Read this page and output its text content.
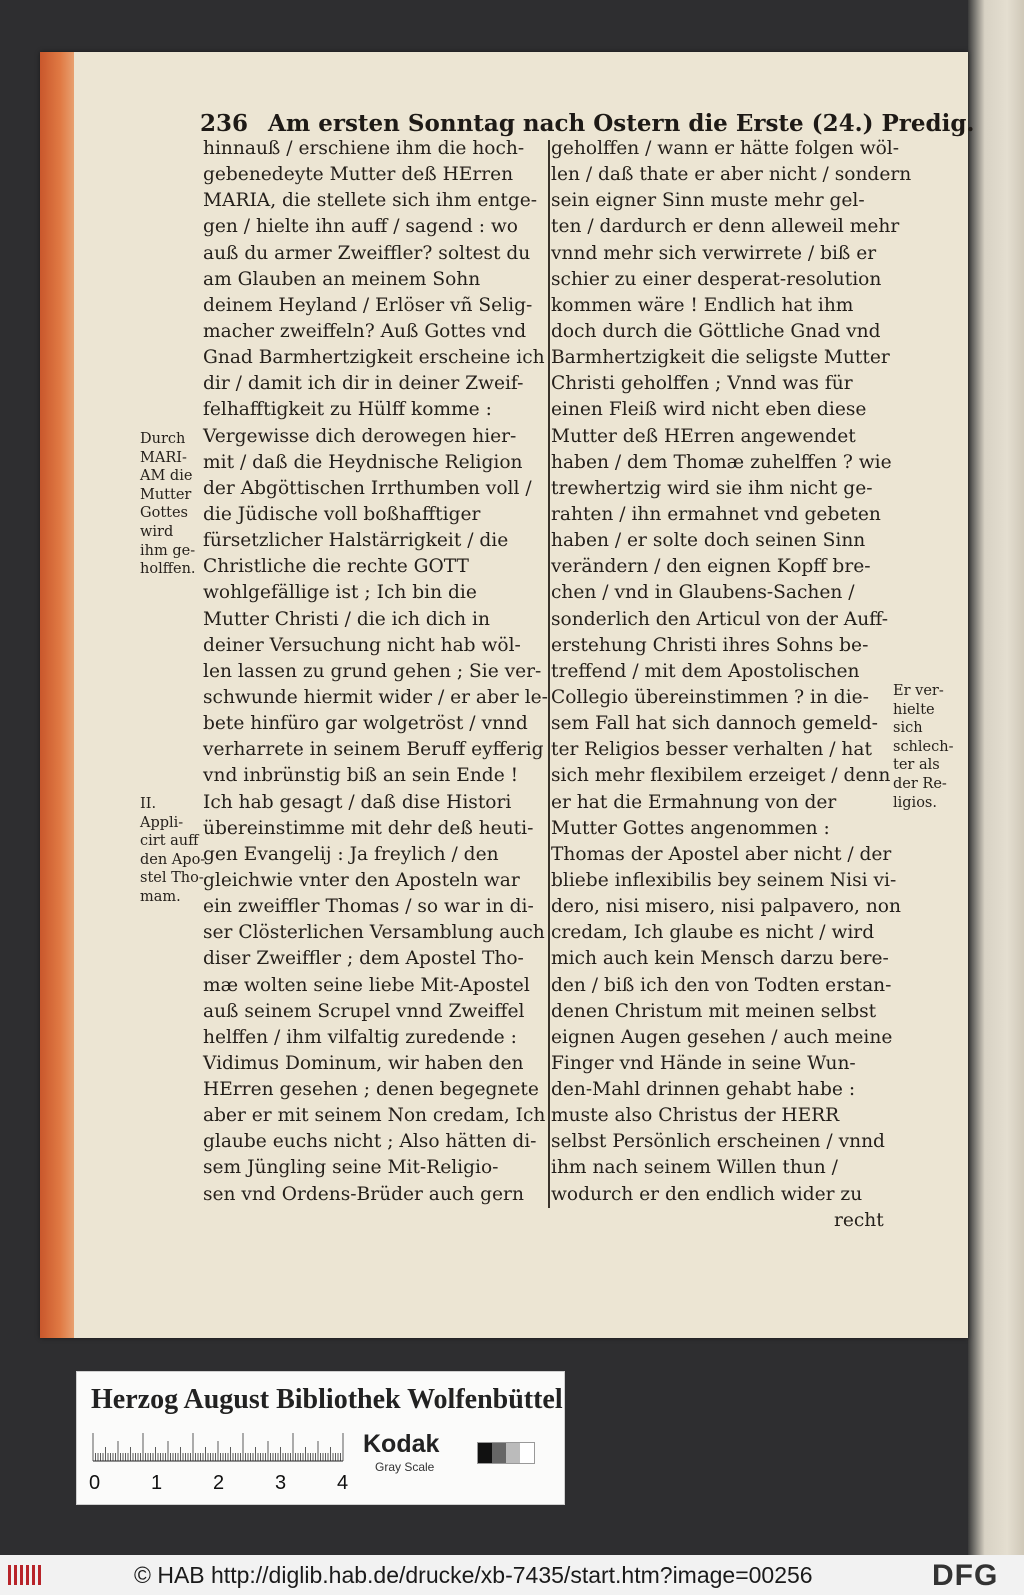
236 Am ersten Sonntag nach Ostern die Erste (24.) Predig.
hinnauß / erschiene ihm die hoch-
gebenedeyte Mutter deß HErren
MARIA, die stellete sich ihm entge-
gen / hielte ihn auff / sagend : wo
auß du armer Zweiffler? soltest du
am Glauben an meinem Sohn
deinem Heyland / Erlöser vñ Selig-
macher zweiffeln? Auß Gottes vnd
Gnad Barmhertzigkeit erscheine ich
dir / damit ich dir in deiner Zweif-
felhafftigkeit zu Hülff komme :
Vergewisse dich derowegen hier-
mit / daß die Heydnische Religion
der Abgöttischen Irrthumben voll /
die Jüdische voll boßhafftiger
fürsetzlicher Halstärrigkeit / die
Christliche die rechte GOTT
wohlgefällige ist ; Ich bin die
Mutter Christi / die ich dich in
deiner Versuchung nicht hab wöl-
len lassen zu grund gehen ; Sie ver-
schwunde hiermit wider / er aber le-
bete hinfüro gar wolgetröst / vnnd
verharrete in seinem Beruff eyfferig
vnd inbrünstig biß an sein Ende !
Ich hab gesagt / daß dise Histori
übereinstimme mit dehr deß heuti-
gen Evangelij : Ja freylich / den
gleichwie vnter den Aposteln war
ein zweiffler Thomas / so war in di-
ser Clösterlichen Versamblung auch
diser Zweiffler ; dem Apostel Tho-
mæ wolten seine liebe Mit-Apostel
auß seinem Scrupel vnnd Zweiffel
helffen / ihm vilfaltig zuredende :
Vidimus Dominum, wir haben den
HErren gesehen ; denen begegnete
aber er mit seinem Non credam, Ich
glaube euchs nicht ; Also hätten di-
sem Jüngling seine Mit-Religio-
sen vnd Ordens-Brüder auch gern
geholffen / wann er hätte folgen wöl-
len / daß thate er aber nicht / sondern
sein eigner Sinn muste mehr gel-
ten / dardurch er denn alleweil mehr
vnnd mehr sich verwirrete / biß er
schier zu einer desperat-resolution
kommen wäre ! Endlich hat ihm
doch durch die Göttliche Gnad vnd
Barmhertzigkeit die seligste Mutter
Christi geholffen ; Vnnd was für
einen Fleiß wird nicht eben diese
Mutter deß HErren angewendet
haben / dem Thomæ zuhelffen ? wie
trewhertzig wird sie ihm nicht ge-
rahten / ihn ermahnet vnd gebeten
haben / er solte doch seinen Sinn
verändern / den eignen Kopff bre-
chen / vnd in Glaubens-Sachen /
sonderlich den Articul von der Auff-
erstehung Christi ihres Sohns be-
treffend / mit dem Apostolischen
Collegio übereinstimmen ? in die-
sem Fall hat sich dannoch gemeld-
ter Religios besser verhalten / hat
sich mehr flexibilem erzeiget / denn
er hat die Ermahnung von der
Mutter Gottes angenommen :
Thomas der Apostel aber nicht / der
bliebe inflexibilis bey seinem Nisi vi-
dero, nisi misero, nisi palpavero, non
credam, Ich glaube es nicht / wird
mich auch kein Mensch darzu bere-
den / biß ich den von Todten erstan-
denen Christum mit meinen selbst
eignen Augen gesehen / auch meine
Finger vnd Hände in seine Wun-
den-Mahl drinnen gehabt habe :
muste also Christus der HERR
selbst Persönlich erscheinen / vnnd
ihm nach seinem Willen thun /
wodurch er den endlich wider zu
recht
Durch
MARI-
AM die
Mutter
Gottes
wird
ihm ge-
holffen.
II.
Appli-
cirt auff
den Apo-
stel Tho-
mam.
Er ver-
hielte
sich
schlech-
ter als
der Re-
ligios.
Herzog August Bibliothek Wolfenbüttel
0	1	2	3	4
Kodak
Gray Scale
© HAB http://diglib.hab.de/drucke/xb-7435/start.htm?image=00256	DFG
